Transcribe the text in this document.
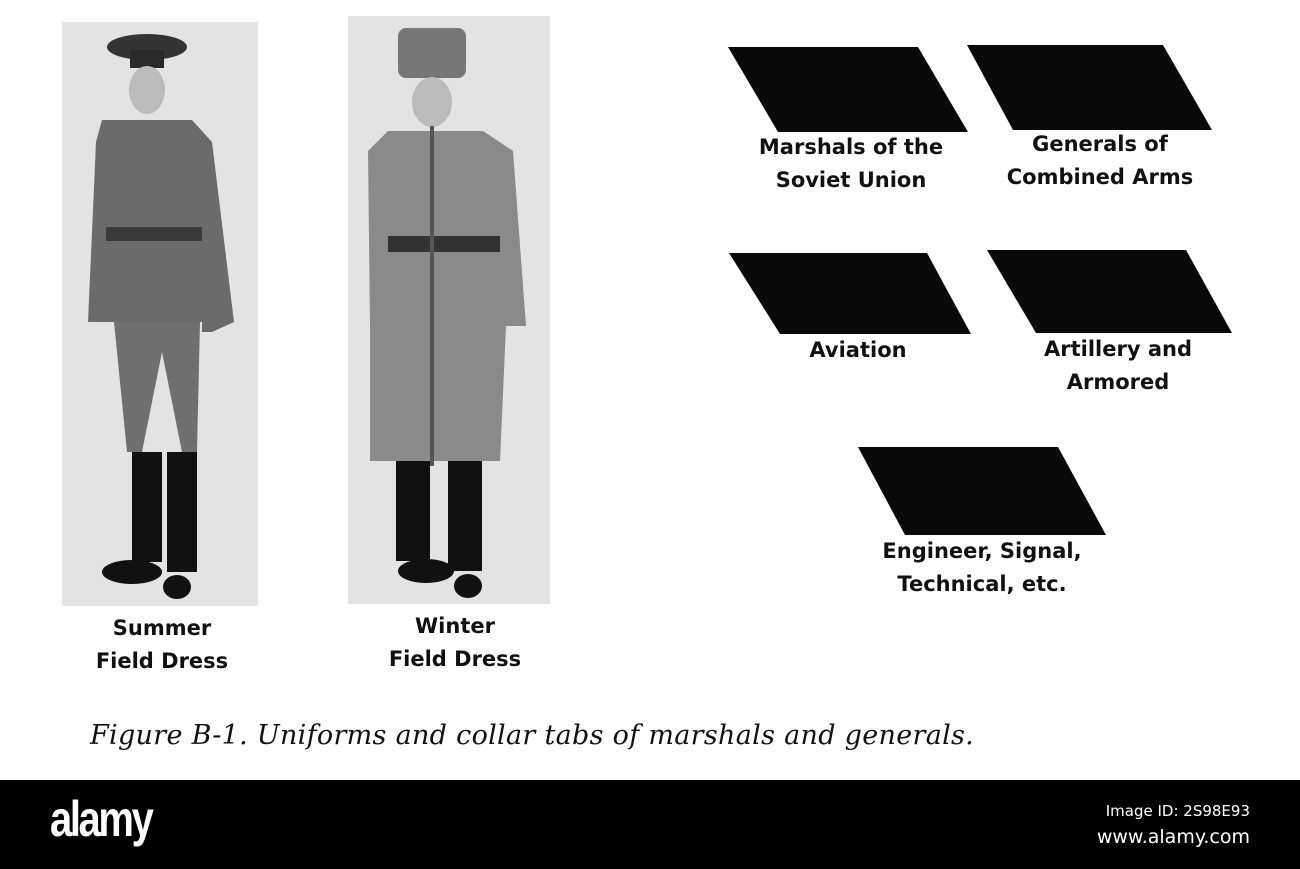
Summer
Field Dress
Winter
Field Dress
Marshals of the
Soviet Union
Generals of
Combined Arms
Aviation	Artillery and
Armored
Engineer, Signal,
Technical, etc.
Figure B-1. Uniforms and collar tabs of marshals and generals.
alamy	Image ID: 2S98E93
www.alamy.com
